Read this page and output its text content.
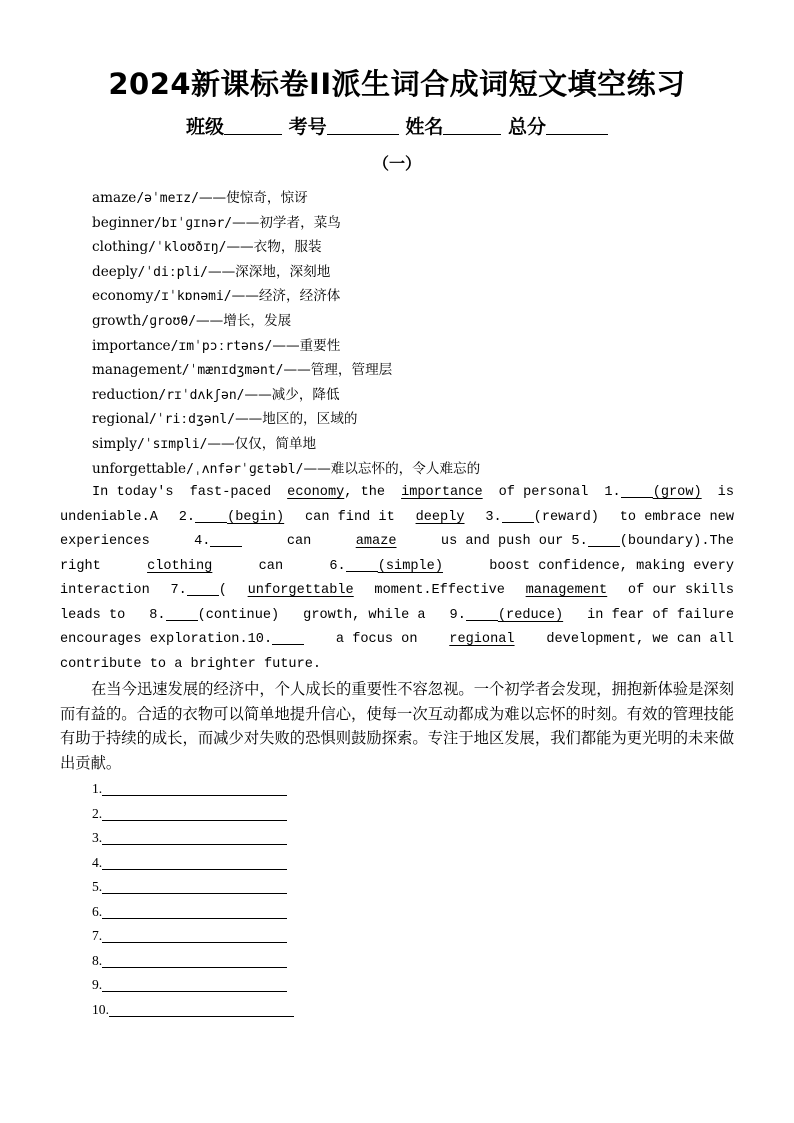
2024新课标卷II派生词合成词短文填空练习
班级	考号	姓名	总分
（一）
amaze/əˈmeɪz/——使惊奇，惊讶
beginner/bɪˈɡɪnər/——初学者，菜鸟
clothing/ˈkloʊðɪŋ/——衣物，服装
deeply/ˈdiːpli/——深深地，深刻地
economy/ɪˈkɒnəmi/——经济，经济体
growth/ɡroʊθ/——增长，发展
importance/ɪmˈpɔːrtəns/——重要性
management/ˈmænɪdʒmənt/——管理，管理层
reduction/rɪˈdʌkʃən/——减少，降低
regional/ˈriːdʒənl/——地区的，区域的
simply/ˈsɪmpli/——仅仅，简单地
unforgettable/ˌʌnfərˈɡɛtəbl/——难以忘怀的，令人难忘的
In today's fast-paced economy, the importance of personal 1. (grow) is
undeniable.A 2. (begin) can find it deeply 3. (reward) to embrace new
experiences	4.	can	amaze	us and push our 5. (boundary).The
right	clothing	can	6. (simple)	boost confidence, making every
interaction 7. ( unforgettable moment.Effective management of our skills
leads to 8. (continue) growth, while a 9. (reduce) in fear of failure
encourages exploration.10.	a focus on regional development, we can all
contribute to a brighter future.

在当今迅速发展的经济中，个人成长的重要性不容忽视。一个初学者会发现，拥抱新体验是深刻而有益的。合适的衣物可以简单地提升信心，使每一次互动都成为难以忘怀的时刻。有效的管理技能有助于持续的成长，而减少对失败的恐惧则鼓励探索。专注于地区发展，我们都能为更光明的未来做出贡献。

1.
2.
3.
4.
5.
6.
7.
8.
9.
10.
